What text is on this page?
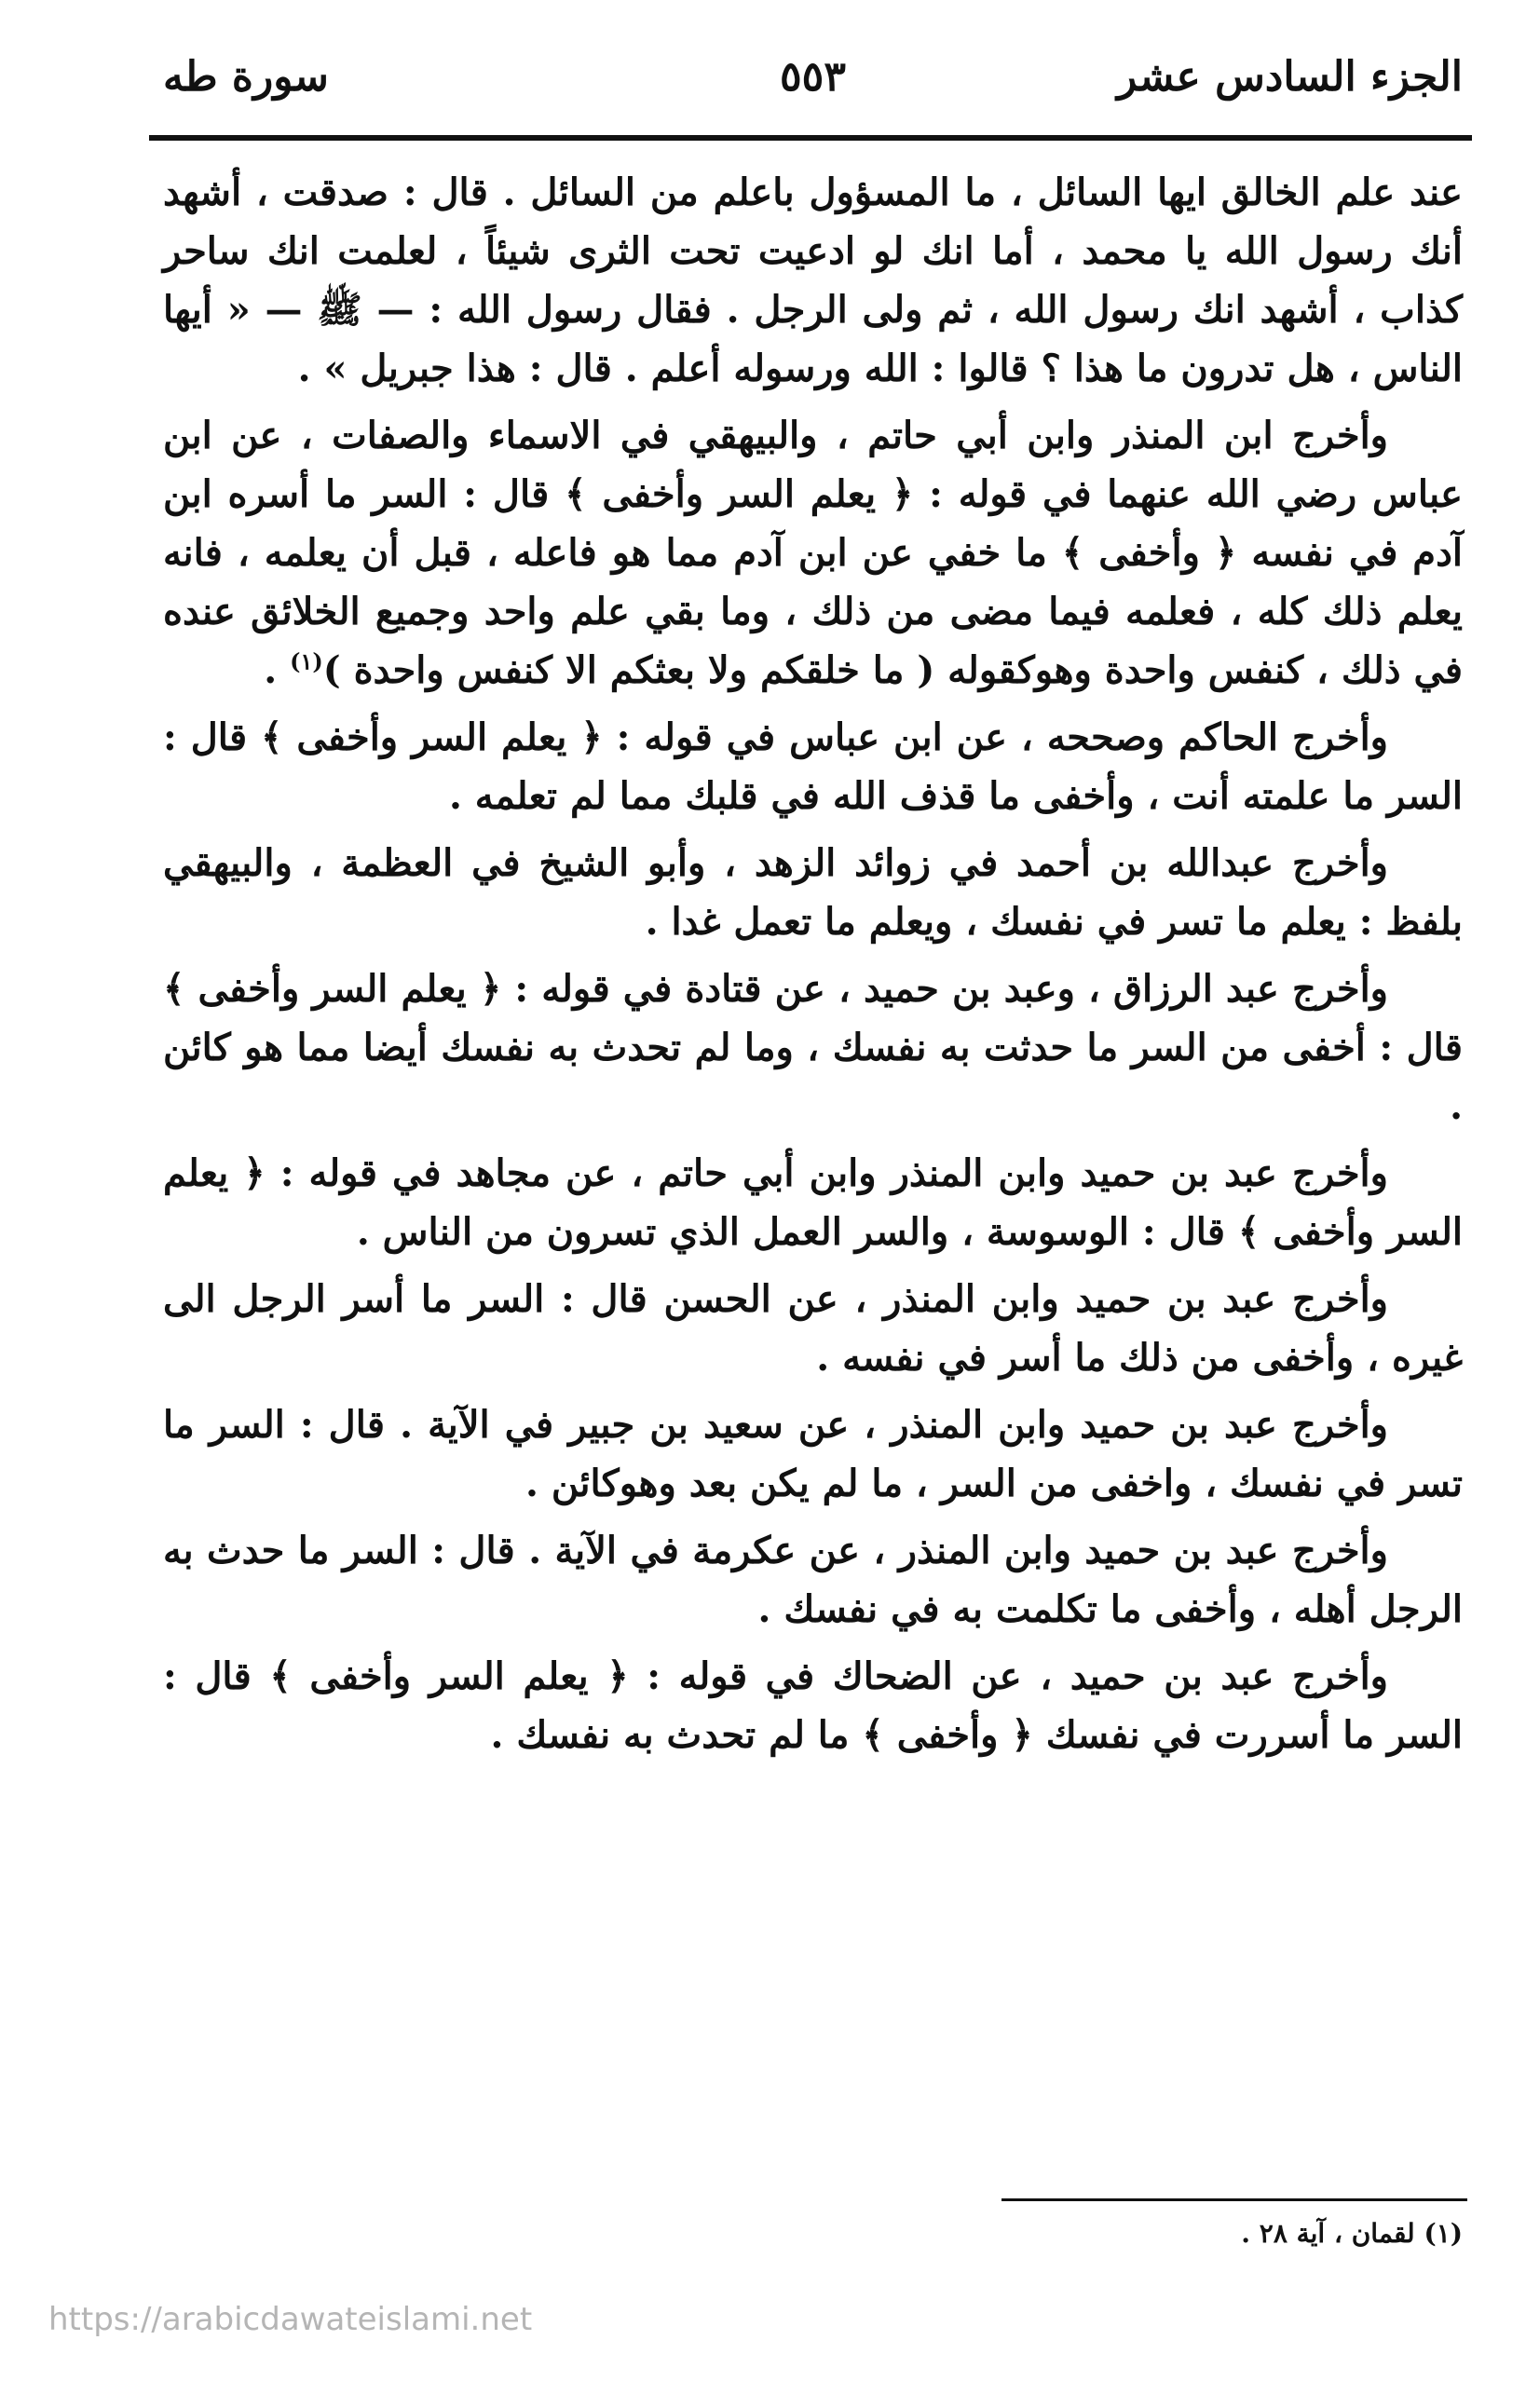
الجزء السادس عشر
٥٥٣
سورة طه

عند علم الخالق ايها السائل ، ما المسؤول باعلم من السائل . قال : صدقت ، أشهد أنك رسول الله يا محمد ، أما انك لو ادعيت تحت الثرى شيئاً ، لعلمت انك ساحر كذاب ، أشهد انك رسول الله ، ثم ولى الرجل . فقال رسول الله : — ﷺ — « أيها الناس ، هل تدرون ما هذا ؟ قالوا : الله ورسوله أعلم . قال : هذا جبريل » .

وأخرج ابن المنذر وابن أبي حاتم ، والبيهقي في الاسماء والصفات ، عن ابن عباس رضي الله عنهما في قوله : ﴿ يعلم السر وأخفى ﴾ قال : السر ما أسره ابن آدم في نفسه ﴿ وأخفى ﴾ ما خفي عن ابن آدم مما هو فاعله ، قبل أن يعلمه ، فانه يعلم ذلك كله ، فعلمه فيما مضى من ذلك ، وما بقي علم واحد وجميع الخلائق عنده في ذلك ، كنفس واحدة وهوكقوله ( ما خلقكم ولا بعثكم الا كنفس واحدة )$^{(١)}$ .

وأخرج الحاكم وصححه ، عن ابن عباس في قوله : ﴿ يعلم السر وأخفى ﴾ قال : السر ما علمته أنت ، وأخفى ما قذف الله في قلبك مما لم تعلمه .

وأخرج عبدالله بن أحمد في زوائد الزهد ، وأبو الشيخ في العظمة ، والبيهقي بلفظ : يعلم ما تسر في نفسك ، ويعلم ما تعمل غدا .

وأخرج عبد الرزاق ، وعبد بن حميد ، عن قتادة في قوله : ﴿ يعلم السر وأخفى ﴾ قال : أخفى من السر ما حدثت به نفسك ، وما لم تحدث به نفسك أيضا مما هو كائن .

وأخرج عبد بن حميد وابن المنذر وابن أبي حاتم ، عن مجاهد في قوله : ﴿ يعلم السر وأخفى ﴾ قال : الوسوسة ، والسر العمل الذي تسرون من الناس .

وأخرج عبد بن حميد وابن المنذر ، عن الحسن قال : السر ما أسر الرجل الى غيره ، وأخفى من ذلك ما أسر في نفسه .

وأخرج عبد بن حميد وابن المنذر ، عن سعيد بن جبير في الآية . قال : السر ما تسر في نفسك ، واخفى من السر ، ما لم يكن بعد وهوكائن .

وأخرج عبد بن حميد وابن المنذر ، عن عكرمة في الآية . قال : السر ما حدث به الرجل أهله ، وأخفى ما تكلمت به في نفسك .

وأخرج عبد بن حميد ، عن الضحاك في قوله : ﴿ يعلم السر وأخفى ﴾ قال : السر ما أسررت في نفسك ﴿ وأخفى ﴾ ما لم تحدث به نفسك .

(١) لقمان ، آية ٢٨ .
https://arabicdawateislami.net
